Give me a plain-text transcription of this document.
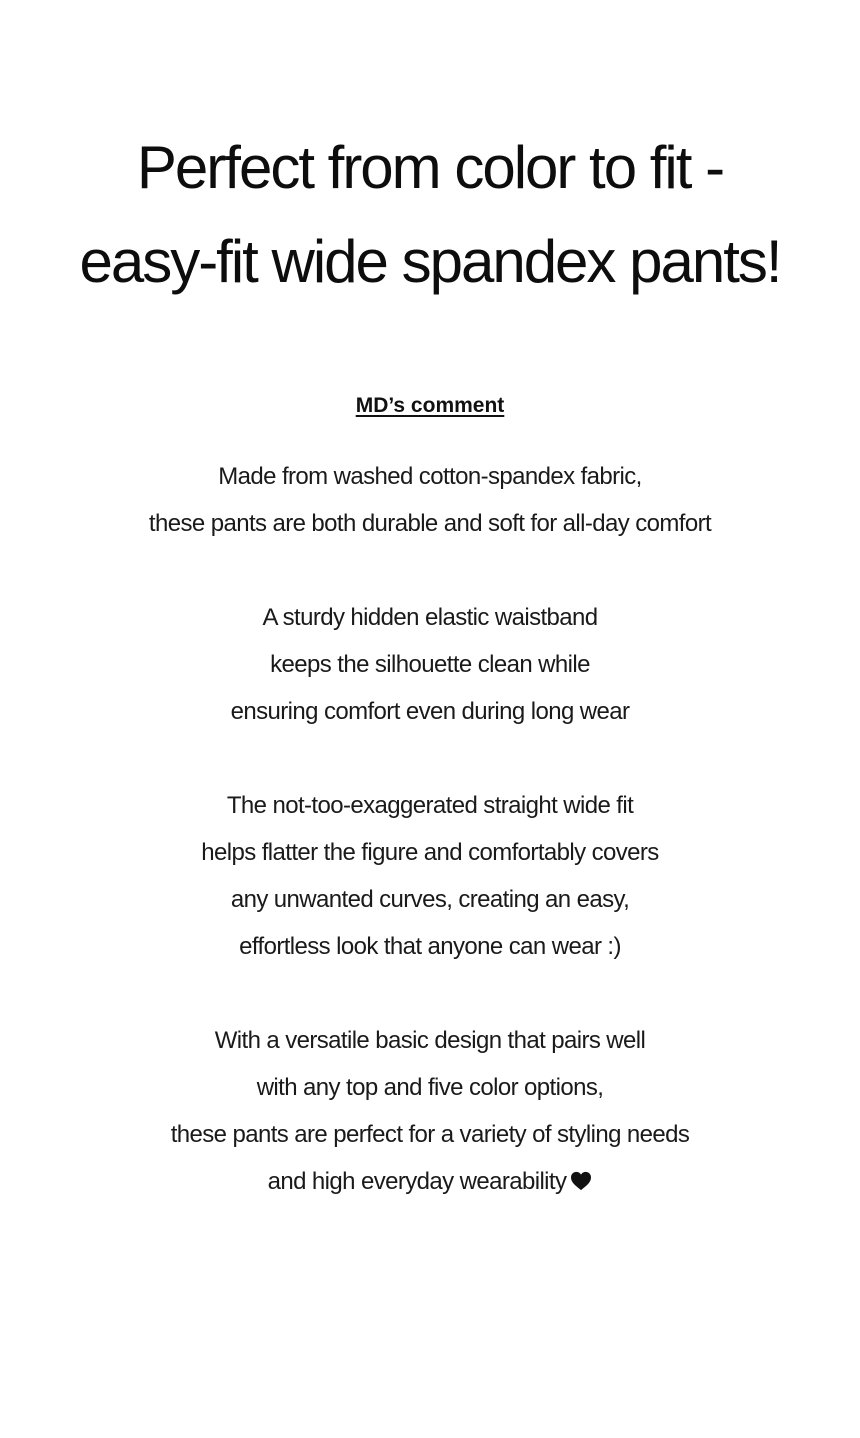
Perfect from color to fit -
easy-fit wide spandex pants!
MD’s comment

Made from washed cotton-spandex fabric,
these pants are both durable and soft for all-day comfort

A sturdy hidden elastic waistband
keeps the silhouette clean while
ensuring comfort even during long wear

The not-too-exaggerated straight wide fit
helps flatter the figure and comfortably covers
any unwanted curves, creating an easy,
effortless look that anyone can wear :)

With a versatile basic design that pairs well
with any top and five color options,
these pants are perfect for a variety of styling needs
and high everyday wearability
